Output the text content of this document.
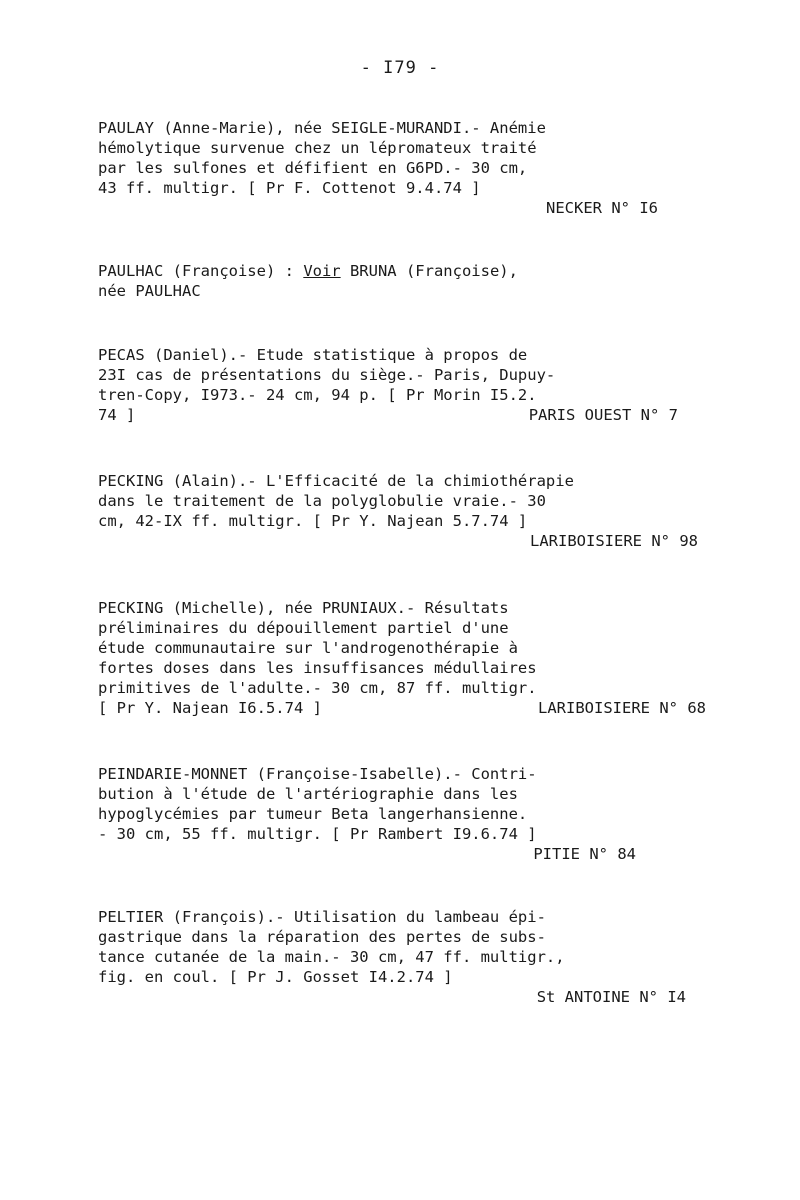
- I79 -
PAULAY (Anne-Marie), née SEIGLE-MURANDI.- Anémie
hémolytique survenue chez un lépromateux traité
par les sulfones et défifient en G6PD.- 30 cm,
43 ff. multigr. [ Pr F. Cottenot 9.4.74 ]
NECKER N° I6
PAULHAC (Françoise) : Voir BRUNA (Françoise),
née PAULHAC
PECAS (Daniel).- Etude statistique à propos de
23I cas de présentations du siège.- Paris, Dupuy-
tren-Copy, I973.- 24 cm, 94 p. [ Pr Morin I5.2.

74 ]

	PARIS OUEST N° 7

PECKING (Alain).- L'Efficacité de la chimiothérapie
dans le traitement de la polyglobulie vraie.- 30
cm, 42-IX ff. multigr. [ Pr Y. Najean 5.7.74 ]
LARIBOISIERE N° 98
PECKING (Michelle), née PRUNIAUX.- Résultats
préliminaires du dépouillement partiel d'une
étude communautaire sur l'androgenothérapie à
fortes doses dans les insuffisances médullaires
primitives de l'adulte.- 30 cm, 87 ff. multigr.

[ Pr Y. Najean I6.5.74 ]

	LARIBOISIERE N° 68

PEINDARIE-MONNET (Françoise-Isabelle).- Contri-
bution à l'étude de l'artériographie dans les
hypoglycémies par tumeur Beta langerhansienne.
- 30 cm, 55 ff. multigr. [ Pr Rambert I9.6.74 ]
PITIE N° 84
PELTIER (François).- Utilisation du lambeau épi-
gastrique dans la réparation des pertes de subs-
tance cutanée de la main.- 30 cm, 47 ff. multigr.,
fig. en coul. [ Pr J. Gosset I4.2.74 ]
St ANTOINE N° I4
